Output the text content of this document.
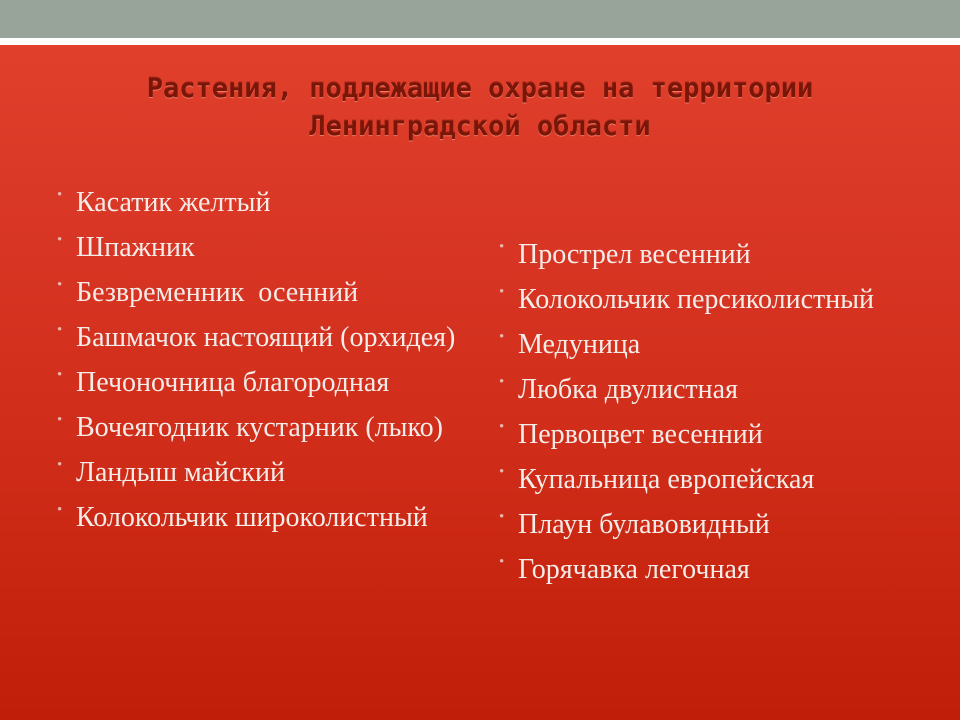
Растения, подлежащие охране на территории
Ленинградской области
• Касатик желтый
• Шпажник
• Безвременник  осенний
• Башмачок настоящий (орхидея)
• Печоночница благородная
• Вочеягодник кустарник (лыко)
• Ландыш майский
• Колокольчик широколистный
• Прострел весенний
• Колокольчик персиколистный
• Медуница
• Любка двулистная
• Первоцвет весенний
• Купальница европейская
• Плаун булавовидный
• Горячавка легочная
